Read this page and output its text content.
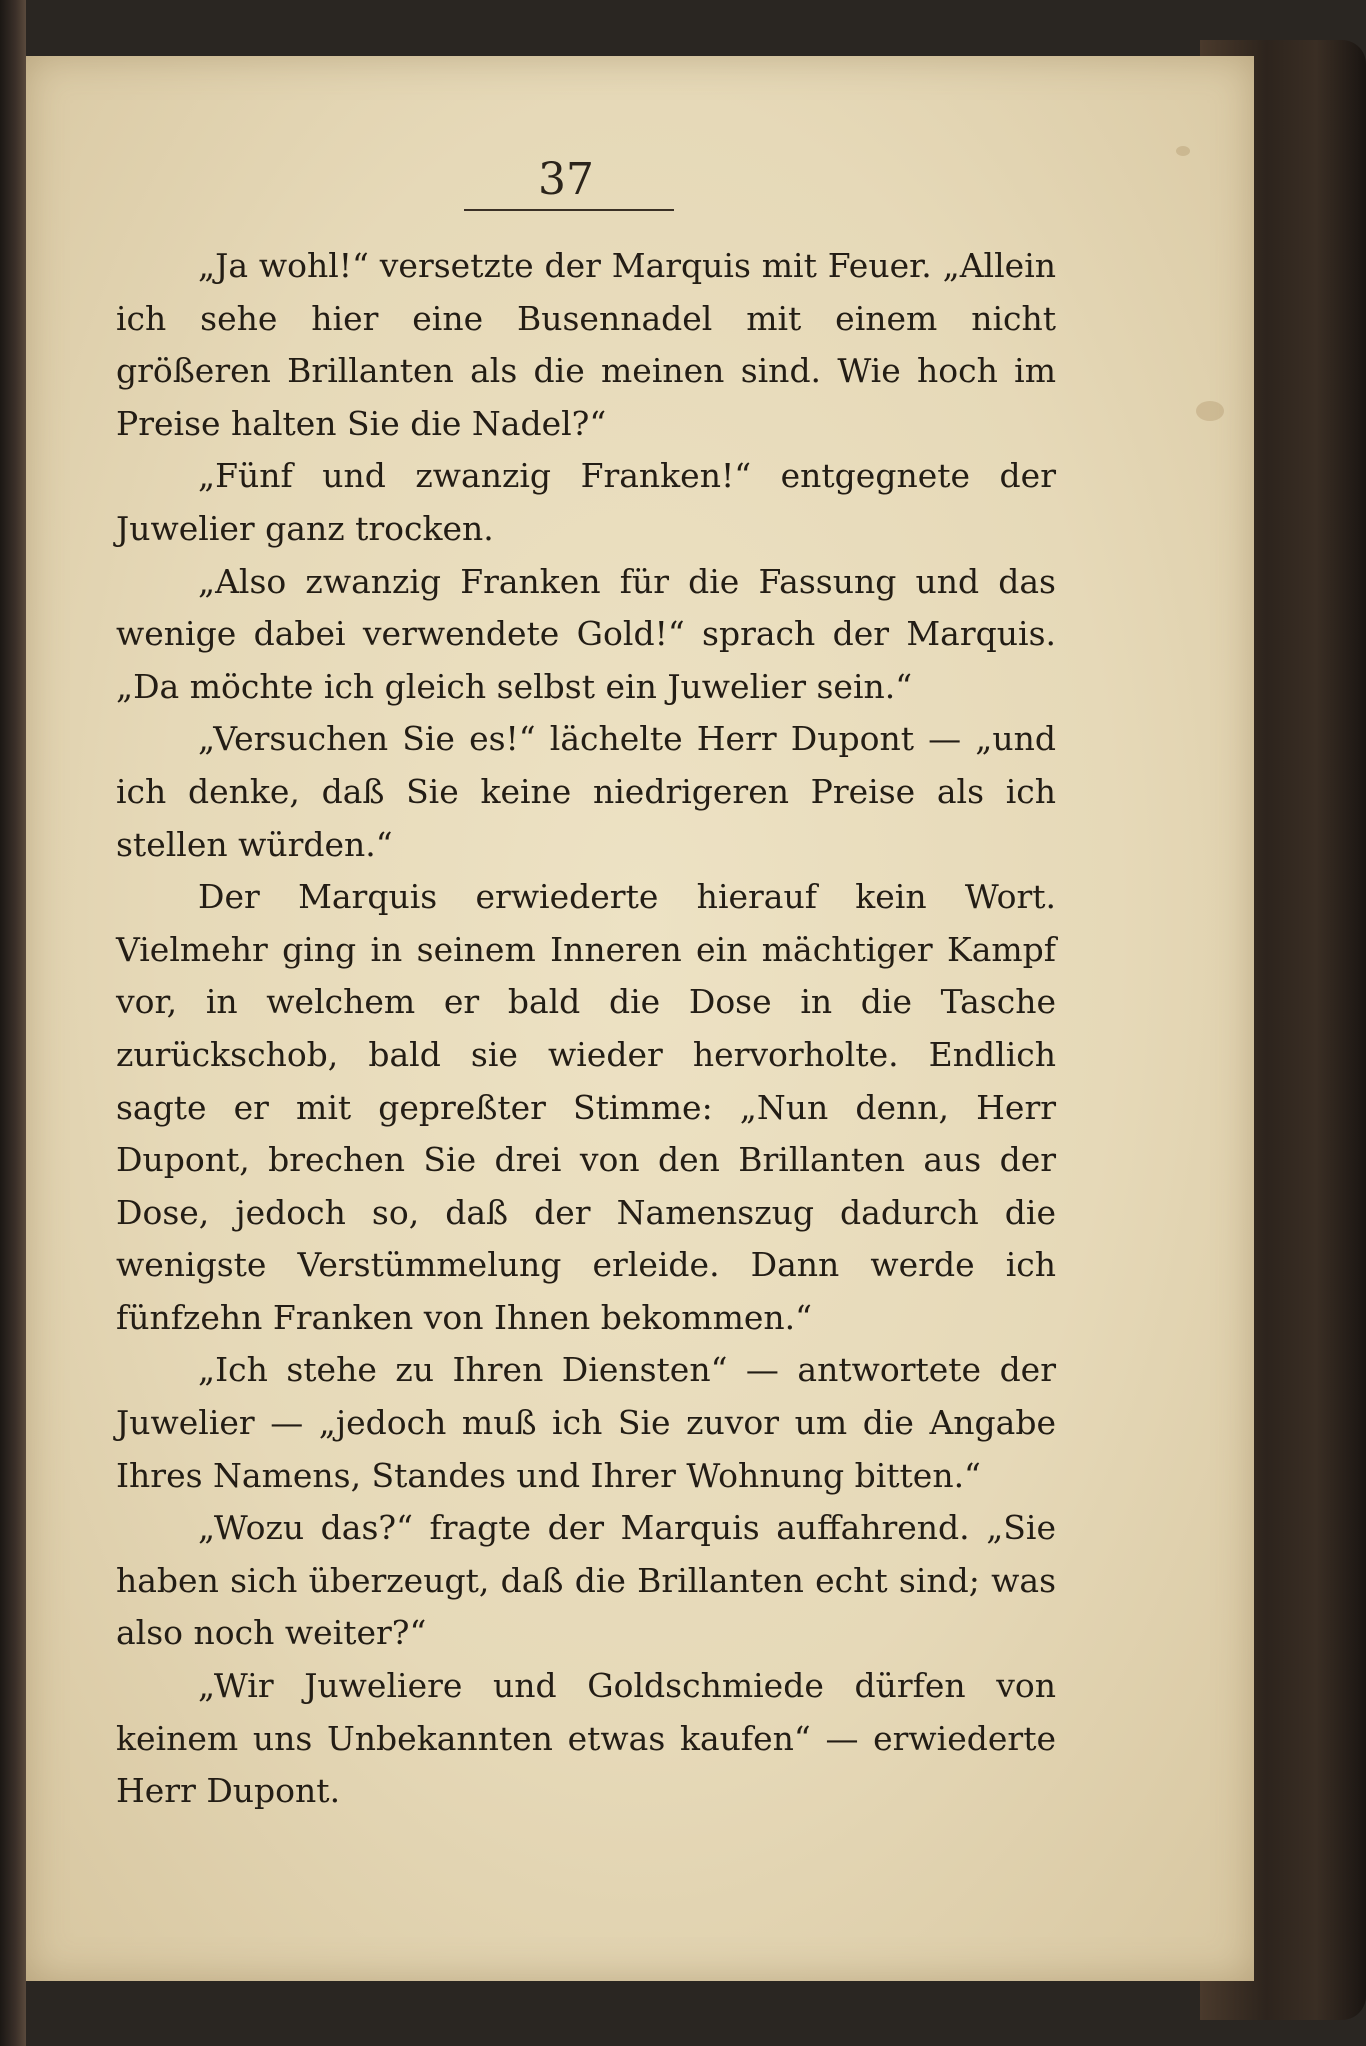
37

„Ja wohl!“ versetzte der Marquis mit Feuer. „Allein ich sehe hier eine Busennadel mit einem nicht größeren Brillanten als die meinen sind. Wie hoch im Preise halten Sie die Nadel?“

„Fünf und zwanzig Franken!“ entgegnete der Juwelier ganz trocken.

„Also zwanzig Franken für die Fassung und das wenige dabei verwendete Gold!“ sprach der Marquis. „Da möchte ich gleich selbst ein Juwelier sein.“

„Versuchen Sie es!“ lächelte Herr Dupont — „und ich denke, daß Sie keine niedrigeren Preise als ich stellen würden.“

Der Marquis erwiederte hierauf kein Wort. Vielmehr ging in seinem Inneren ein mächtiger Kampf vor, in welchem er bald die Dose in die Tasche zurückschob, bald sie wieder hervorholte. Endlich sagte er mit gepreßter Stimme: „Nun denn, Herr Dupont, brechen Sie drei von den Brillanten aus der Dose, jedoch so, daß der Namenszug dadurch die wenigste Verstümmelung erleide. Dann werde ich fünfzehn Franken von Ihnen bekommen.“

„Ich stehe zu Ihren Diensten“ — antwortete der Juwelier — „jedoch muß ich Sie zuvor um die Angabe Ihres Namens, Standes und Ihrer Wohnung bitten.“

„Wozu das?“ fragte der Marquis auffahrend. „Sie haben sich überzeugt, daß die Brillanten echt sind; was also noch weiter?“

„Wir Juweliere und Goldschmiede dürfen von keinem uns Unbekannten etwas kaufen“ — erwiederte Herr Dupont.
